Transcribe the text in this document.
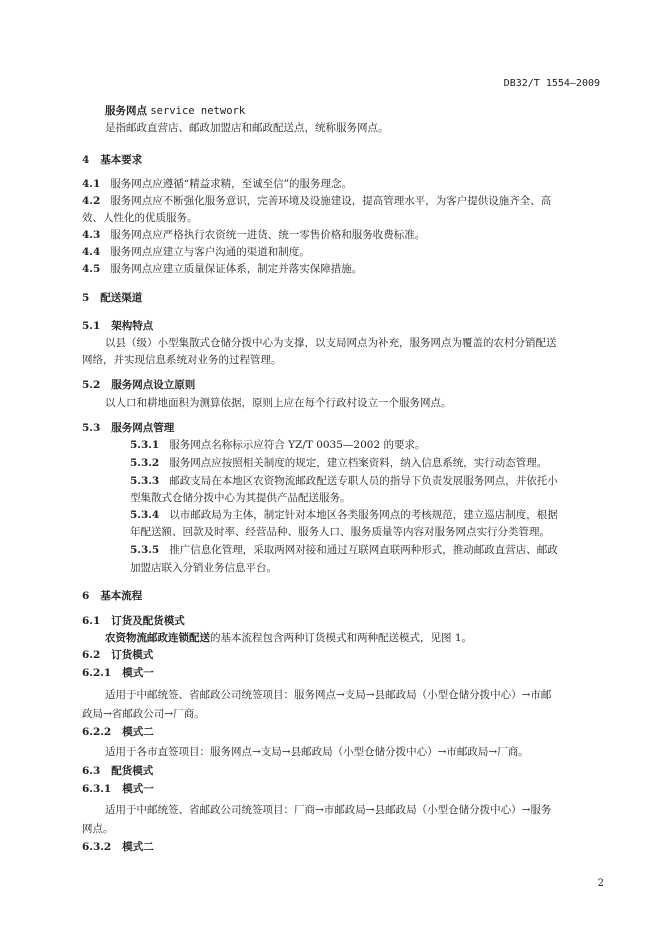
DB32/T 1554—2009
服务网点 service network
是指邮政直营店、邮政加盟店和邮政配送点，统称服务网点。
4 基本要求
4.1 服务网点应遵循“精益求精，至诚至信”的服务理念。
4.2 服务网点应不断强化服务意识，完善环境及设施建设，提高管理水平，为客户提供设施齐全、高
效、人性化的优质服务。
4.3 服务网点应严格执行农资统一进货、统一零售价格和服务收费标准。
4.4 服务网点应建立与客户沟通的渠道和制度。
4.5 服务网点应建立质量保证体系，制定并落实保障措施。
5 配送渠道
5.1 架构特点
以县（级）小型集散式仓储分拨中心为支撑，以支局网点为补充，服务网点为覆盖的农村分销配送
网络，并实现信息系统对业务的过程管理。
5.2 服务网点设立原则
以人口和耕地面积为测算依据，原则上应在每个行政村设立一个服务网点。
5.3 服务网点管理
5.3.1 服务网点名称标示应符合 YZ/T 0035—2002 的要求。
5.3.2 服务网点应按照相关制度的规定，建立档案资料，纳入信息系统，实行动态管理。
5.3.3 邮政支局在本地区农资物流邮政配送专职人员的指导下负责发展服务网点，并依托小
型集散式仓储分拨中心为其提供产品配送服务。
5.3.4 以市邮政局为主体，制定针对本地区各类服务网点的考核规范，建立巡店制度，根据
年配送额、回款及时率、经营品种、服务人口、服务质量等内容对服务网点实行分类管理。
5.3.5 推广信息化管理，采取两网对接和通过互联网直联两种形式，推动邮政直营店、邮政
加盟店联入分销业务信息平台。
6 基本流程
6.1 订货及配货模式
农资物流邮政连锁配送的基本流程包含两种订货模式和两种配送模式，见图 1。
6.2 订货模式
6.2.1 模式一
适用于中邮统签、省邮政公司统签项目：服务网点→支局→县邮政局（小型仓储分拨中心）→市邮
政局→省邮政公司→厂商。
6.2.2 模式二
适用于各市直签项目：服务网点→支局→县邮政局（小型仓储分拨中心）→市邮政局→厂商。
6.3 配货模式
6.3.1 模式一
适用于中邮统签、省邮政公司统签项目：厂商→市邮政局→县邮政局（小型仓储分拨中心）→服务
网点。
6.3.2 模式二
2
